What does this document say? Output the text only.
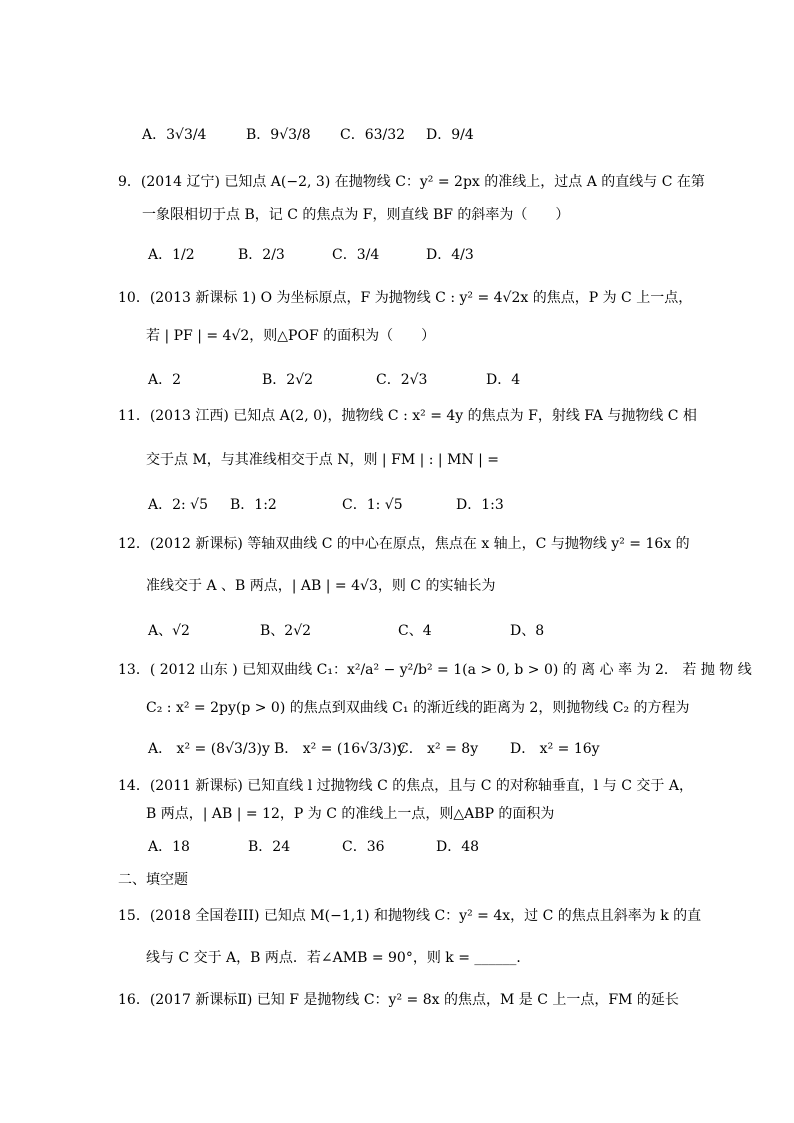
A．3√3/4	B．9√3/8 C．63/32 D．9/4
9．(2014 辽宁) 已知点 A(−2, 3) 在抛物线 C：y² = 2px 的准线上，过点 A 的直线与 C 在第
一象限相切于点 B，记 C 的焦点为 F，则直线 BF 的斜率为（　　）
A．1/2	B．2/3	C．3/4	D．4/3
10．(2013 新课标 1) O 为坐标原点，F 为抛物线 C : y² = 4√2x 的焦点，P 为 C 上一点，
若 | PF | = 4√2，则△POF 的面积为（　　）
A．2	B．2√2	C．2√3	D．4
11．(2013 江西) 已知点 A(2, 0)，抛物线 C : x² = 4y 的焦点为 F，射线 FA 与抛物线 C 相
交于点 M，与其准线相交于点 N，则 | FM | : | MN | =
A．2: √5 B．1:2	C．1: √5	D．1:3
12．(2012 新课标) 等轴双曲线 C 的中心在原点，焦点在 x 轴上，C 与抛物线 y² = 16x 的
准线交于 A 、B 两点，| AB | = 4√3，则 C 的实轴长为
A、√2	B、2√2	C、4	D、8
13．( 2012 山东 ) 已知双曲线 C₁：x²/a² − y²/b² = 1(a > 0, b > 0) 的 离 心 率 为 2． 若 抛 物 线
C₂ : x² = 2py(p > 0) 的焦点到双曲线 C₁ 的渐近线的距离为 2，则抛物线 C₂ 的方程为
A． x² = (8√3/3)y B． x² = (16√3/3)y
C． x² = 8y D． x² = 16y
14．(2011 新课标) 已知直线 l 过抛物线 C 的焦点，且与 C 的对称轴垂直，l 与 C 交于 A，
B 两点，| AB | = 12，P 为 C 的准线上一点，则△ABP 的面积为
A．18	B．24	C．36	D．48
二、填空题
15．(2018 全国卷III) 已知点 M(−1,1) 和抛物线 C：y² = 4x，过 C 的焦点且斜率为 k 的直
线与 C 交于 A，B 两点．若∠AMB = 90°，则 k = ______．
16．(2017 新课标Ⅱ) 已知 F 是抛物线 C：y² = 8x 的焦点，M 是 C 上一点，FM 的延长
